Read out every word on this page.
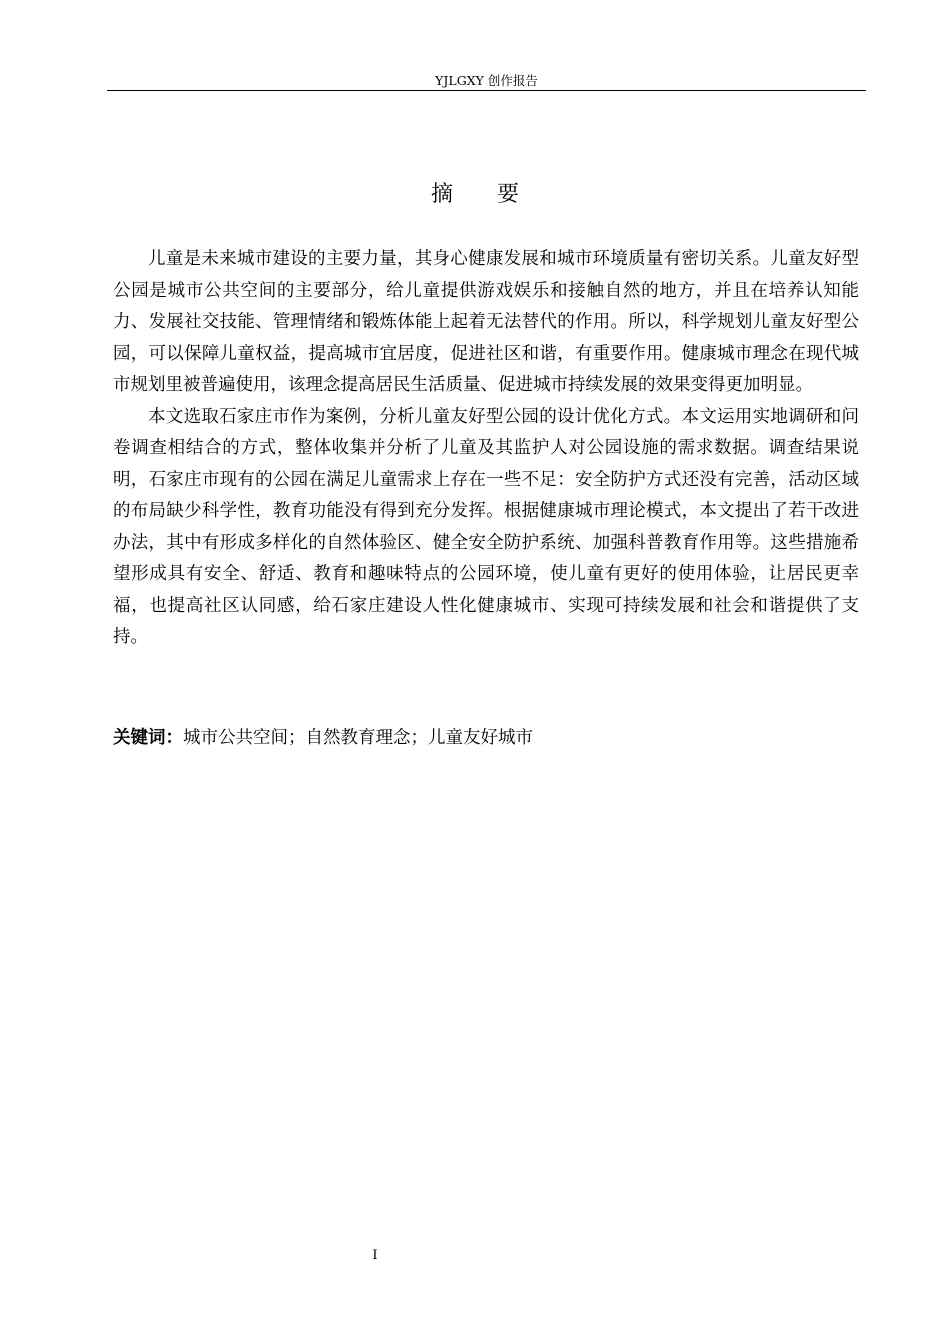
YJLGXY 创作报告
摘　　要

儿童是未来城市建设的主要力量，其身心健康发展和城市环境质量有密切关系。儿童友好型公园是城市公共空间的主要部分，给儿童提供游戏娱乐和接触自然的地方，并且在培养认知能力、发展社交技能、管理情绪和锻炼体能上起着无法替代的作用。所以，科学规划儿童友好型公园，可以保障儿童权益，提高城市宜居度，促进社区和谐，有重要作用。健康城市理念在现代城市规划里被普遍使用，该理念提高居民生活质量、促进城市持续发展的效果变得更加明显。

本文选取石家庄市作为案例，分析儿童友好型公园的设计优化方式。本文运用实地调研和问卷调查相结合的方式，整体收集并分析了儿童及其监护人对公园设施的需求数据。调查结果说明，石家庄市现有的公园在满足儿童需求上存在一些不足：安全防护方式还没有完善，活动区域的布局缺少科学性，教育功能没有得到充分发挥。根据健康城市理论模式，本文提出了若干改进办法，其中有形成多样化的自然体验区、健全安全防护系统、加强科普教育作用等。这些措施希望形成具有安全、舒适、教育和趣味特点的公园环境，使儿童有更好的使用体验，让居民更幸福，也提高社区认同感，给石家庄建设人性化健康城市、实现可持续发展和社会和谐提供了支持。

关键词：城市公共空间；自然教育理念；儿童友好城市
I
